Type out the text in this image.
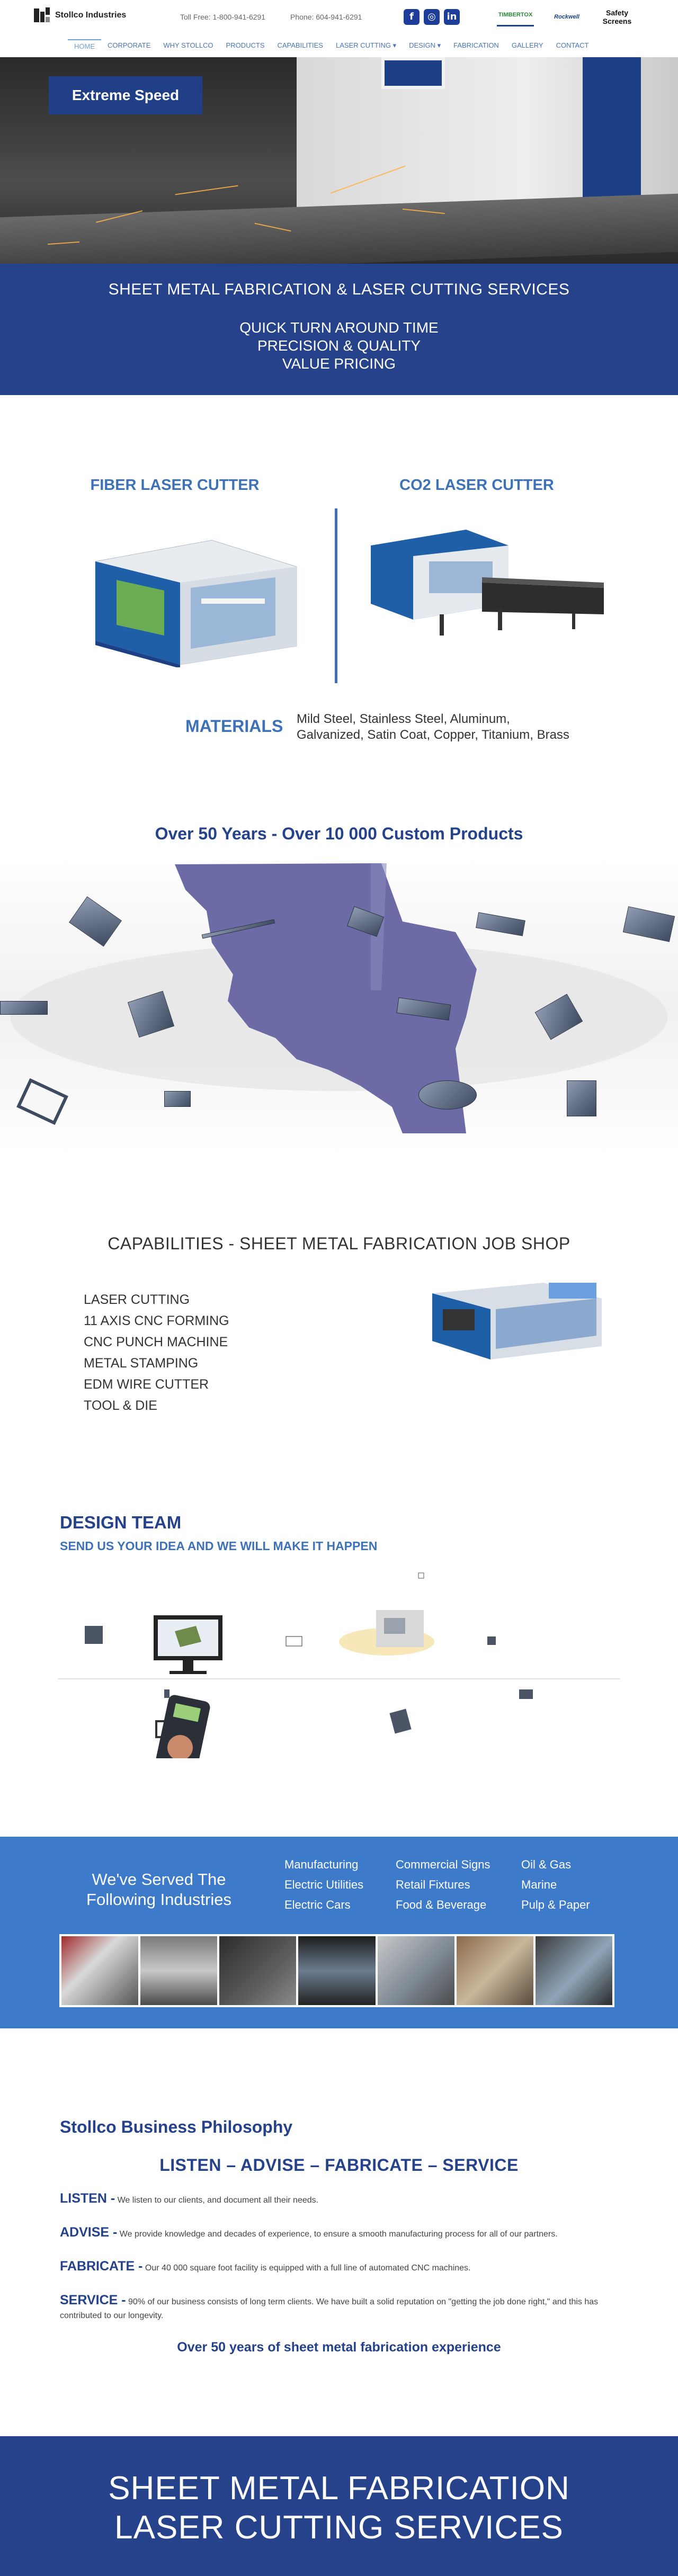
Stollco Industries	Toll Free: 1-800-941-6291	Phone: 604-941-6291	f	◎	in	TIMBERTOX	Rockwell	Safety Screens
HOME	CORPORATE	WHY STOLLCO	PRODUCTS	CAPABILITIES	LASER CUTTING ▾	DESIGN ▾	FABRICATION	GALLERY	CONTACT
Extreme Speed
SHEET METAL FABRICATION & LASER CUTTING SERVICES
QUICK TURN AROUND TIME
PRECISION & QUALITY
VALUE PRICING
FIBER LASER CUTTER	CO2 LASER CUTTER
MATERIALS Mild Steel, Stainless Steel, Aluminum,
Galvanized, Satin Coat, Copper, Titanium, Brass
Over 50 Years - Over 10 000 Custom Products
CAPABILITIES - SHEET METAL FABRICATION JOB SHOP
LASER CUTTING
11 AXIS CNC FORMING
CNC PUNCH MACHINE
METAL STAMPING
EDM WIRE CUTTER
TOOL & DIE
DESIGN TEAM
SEND US YOUR IDEA AND WE WILL MAKE IT HAPPEN
We've Served The
Following Industries
Manufacturing
Electric Utilities
Electric Cars
Commercial Signs
Retail Fixtures
Food & Beverage
Oil & Gas
Marine
Pulp & Paper
Stollco Business Philosophy
LISTEN – ADVISE – FABRICATE – SERVICE
LISTEN - We listen to our clients, and document all their needs.
ADVISE - We provide knowledge and decades of experience, to ensure a smooth manufacturing process for all of our partners.
FABRICATE - Our 40 000 square foot facility is equipped with a full line of automated CNC machines.
SERVICE - 90% of our business consists of long term clients. We have built a solid reputation on "getting the job done right," and this has contributed to our longevity.
Over 50 years of sheet metal fabrication experience
SHEET METAL FABRICATION
LASER CUTTING SERVICES
